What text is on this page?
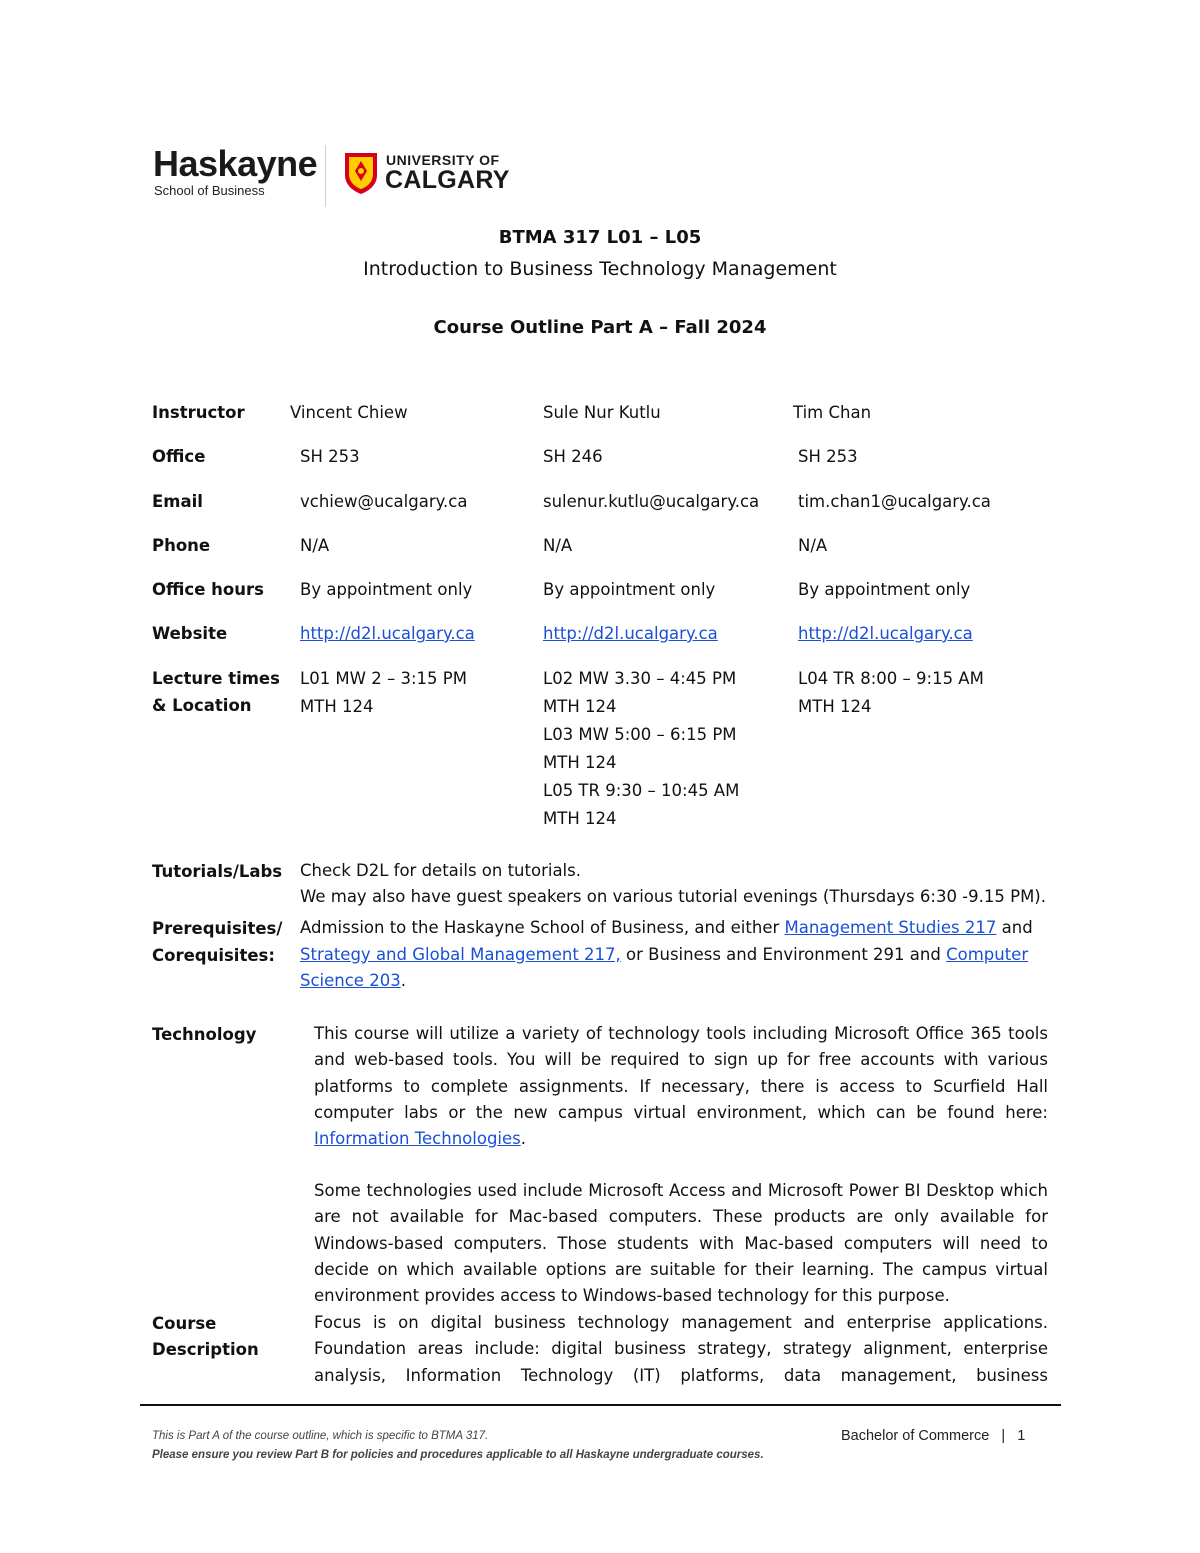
Haskayne
School of Business
UNIVERSITY OF
CALGARY
BTMA 317 L01 – L05
Introduction to Business Technology Management
Course Outline Part A – Fall 2024
Instructor
Office
Email
Phone
Office hours
Website
Lecture times
& Location
Vincent Chiew
SH 253
vchiew@ucalgary.ca
N/A
By appointment only
http://d2l.ucalgary.ca
L01 MW 2 – 3:15 PM
MTH 124
Sule Nur Kutlu
SH 246
sulenur.kutlu@ucalgary.ca
N/A
By appointment only
http://d2l.ucalgary.ca
L02 MW 3.30 – 4:45 PM
MTH 124
L03 MW 5:00 – 6:15 PM
MTH 124
L05 TR 9:30 – 10:45 AM
MTH 124
Tim Chan
SH 253
tim.chan1@ucalgary.ca
N/A
By appointment only
http://d2l.ucalgary.ca
L04 TR 8:00 – 9:15 AM
MTH 124
Tutorials/Labs Check D2L for details on tutorials.
We may also have guest speakers on various tutorial evenings (Thursdays 6:30 -9.15 PM).
Prerequisites/
Corequisites:
Admission to the Haskayne School of Business, and either Management Studies 217 and
Strategy and Global Management 217, or Business and Environment 291 and Computer
Science 203.
Technology	This course will utilize a variety of technology tools including Microsoft Office 365 tools and web-based tools. You will be required to sign up for free accounts with various platforms to complete assignments. If necessary, there is access to Scurfield Hall computer labs or the new campus virtual environment, which can be found here: Information Technologies.
Some technologies used include Microsoft Access and Microsoft Power BI Desktop which are not available for Mac-based computers. These products are only available for Windows-based computers. Those students with Mac-based computers will need to decide on which available options are suitable for their learning. The campus virtual environment provides access to Windows-based technology for this purpose.
Course
Description
Focus is on digital business technology management and enterprise applications. Foundation areas include: digital business strategy, strategy alignment, enterprise analysis, Information Technology (IT) platforms, data management, business
This is Part A of the course outline, which is specific to BTMA 317.
Please ensure you review Part B for policies and procedures applicable to all Haskayne undergraduate courses.
Bachelor of Commerce   |   1
